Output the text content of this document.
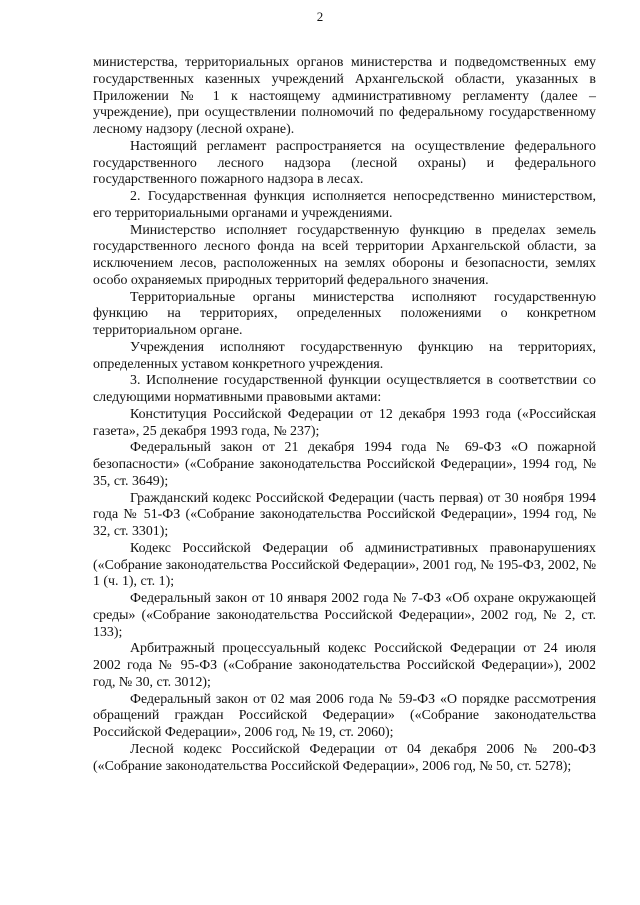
2

министерства, территориальных органов министерства и подведомственных ему государственных казенных учреждений Архангельской области, указанных в Приложении № 1 к настоящему административному регламенту (далее – учреждение), при осуществлении полномочий по федеральному государственному лесному надзору (лесной охране).

Настоящий регламент распространяется на осуществление федерального государственного лесного надзора (лесной охраны) и федерального государственного пожарного надзора в лесах.

2. Государственная функция исполняется непосредственно министерством, его территориальными органами и учреждениями.

Министерство исполняет государственную функцию в пределах земель государственного лесного фонда на всей территории Архангельской области, за исключением лесов, расположенных на землях обороны и безопасности, землях особо охраняемых природных территорий федерального значения.

Территориальные органы министерства исполняют государственную функцию на территориях, определенных положениями о конкретном территориальном органе.

Учреждения исполняют государственную функцию на территориях, определенных уставом конкретного учреждения.

3. Исполнение государственной функции осуществляется в соответствии со следующими нормативными правовыми актами:

Конституция Российской Федерации от 12 декабря 1993 года («Российская газета», 25 декабря 1993 года, № 237);

Федеральный закон от 21 декабря 1994 года № 69-ФЗ «О пожарной безопасности» («Собрание законодательства Российской Федерации», 1994 год, № 35, ст. 3649);

Гражданский кодекс Российской Федерации (часть первая) от 30 ноября 1994 года № 51-ФЗ («Собрание законодательства Российской Федерации», 1994 год, № 32, ст. 3301);

Кодекс Российской Федерации об административных правонарушениях («Собрание законодательства Российской Федерации», 2001 год, № 195-ФЗ, 2002, № 1 (ч. 1), ст. 1);

Федеральный закон от 10 января 2002 года № 7-ФЗ «Об охране окружающей среды» («Собрание законодательства Российской Федерации», 2002 год, № 2, ст. 133);

Арбитражный процессуальный кодекс Российской Федерации от 24 июля 2002 года № 95-ФЗ («Собрание законодательства Российской Федерации»), 2002 год, № 30, ст. 3012);

Федеральный закон от 02 мая 2006 года № 59-ФЗ «О порядке рассмотрения обращений граждан Российской Федерации» («Собрание законодательства Российской Федерации», 2006 год, № 19, ст. 2060);

Лесной кодекс Российской Федерации от 04 декабря 2006 № 200-ФЗ («Собрание законодательства Российской Федерации», 2006 год, № 50, ст. 5278);
